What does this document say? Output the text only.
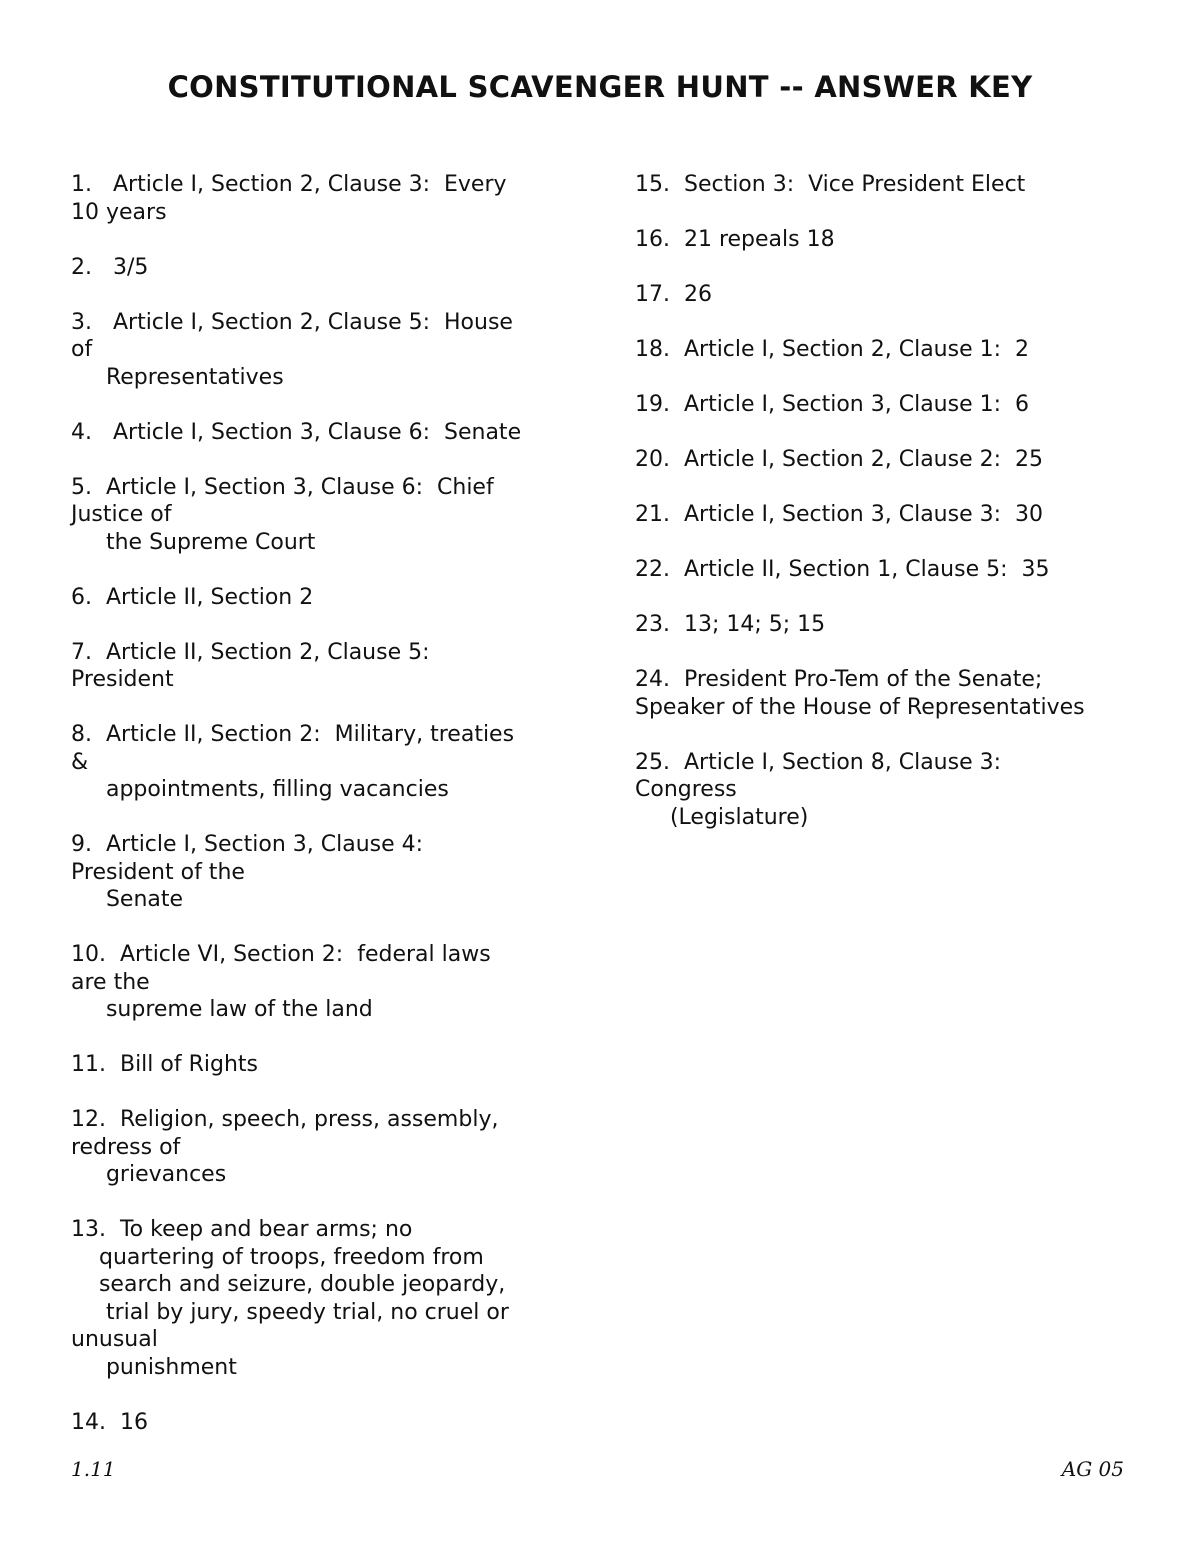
CONSTITUTIONAL SCAVENGER HUNT -- ANSWER KEY
1.   Article I, Section 2, Clause 3:  Every
10 years
2.   3/5
3.   Article I, Section 2, Clause 5:  House
of
Representatives
4.   Article I, Section 3, Clause 6:  Senate
5.  Article I, Section 3, Clause 6:  Chief
Justice of
the Supreme Court
6.  Article II, Section 2
7.  Article II, Section 2, Clause 5:
President
8.  Article II, Section 2:  Military, treaties
&
appointments, filling vacancies
9.  Article I, Section 3, Clause 4:
President of the
Senate
10.  Article VI, Section 2:  federal laws
are the
supreme law of the land
11.  Bill of Rights
12.  Religion, speech, press, assembly,
redress of
grievances
13.  To keep and bear arms; no
quartering of troops, freedom from
search and seizure, double jeopardy,
trial by jury, speedy trial, no cruel or
unusual
punishment
14.  16
15.  Section 3:  Vice President Elect
16.  21 repeals 18
17.  26
18.  Article I, Section 2, Clause 1:  2
19.  Article I, Section 3, Clause 1:  6
20.  Article I, Section 2, Clause 2:  25
21.  Article I, Section 3, Clause 3:  30
22.  Article II, Section 1, Clause 5:  35
23.  13; 14; 5; 15
24.  President Pro-Tem of the Senate;
Speaker of the House of Representatives
25.  Article I, Section 8, Clause 3:
Congress
(Legislature)
1.11	AG 05
